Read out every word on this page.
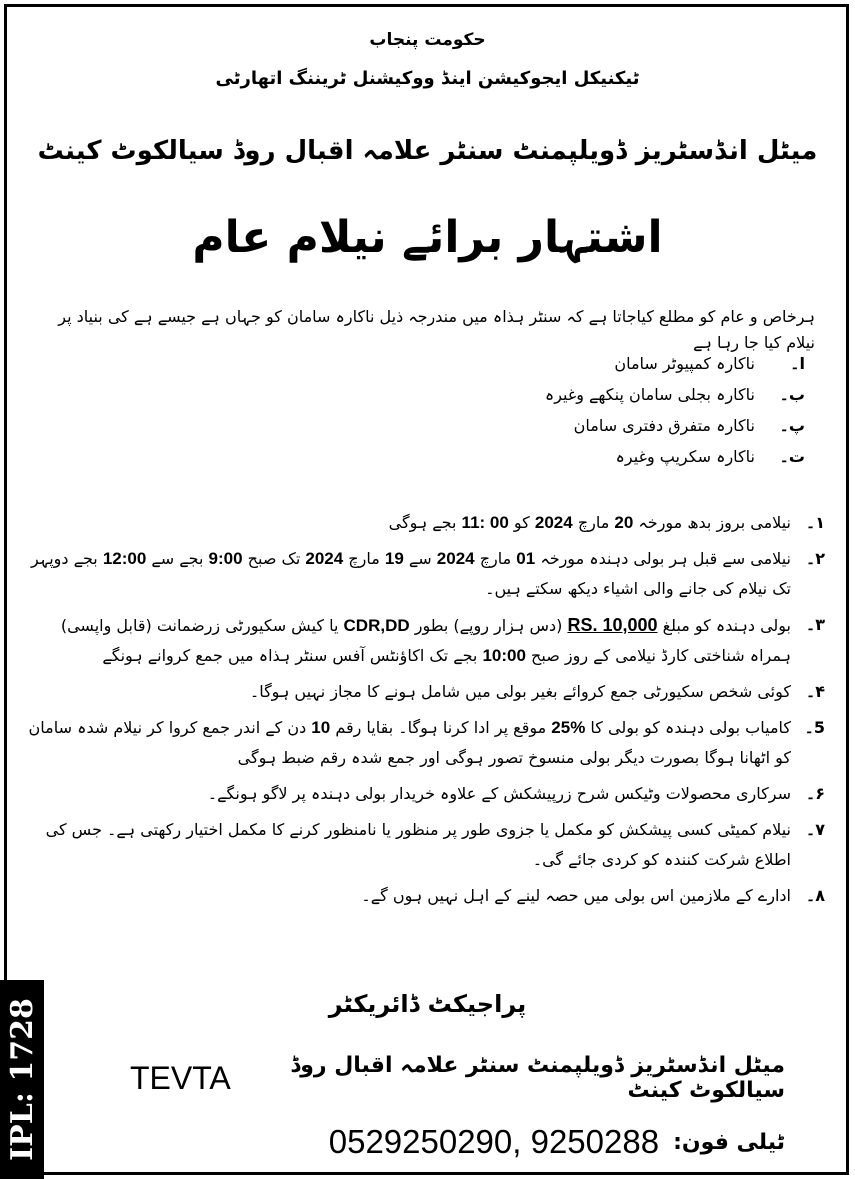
IPL: 1728
حکومت پنجاب
ٹیکنیکل ایجوکیشن اینڈ ووکیشنل ٹریننگ اتھارٹی
میٹل انڈسٹریز ڈویلپمنٹ سنٹر علامہ اقبال روڈ سیالکوٹ کینٹ
اشتہار برائے نیلام عام
ہرخاص و عام کو مطلع کیاجاتا ہے کہ سنٹر ہذاہ میں مندرجہ ذیل ناکارہ سامان کو جہاں ہے جیسے ہے کی بنیاد پر نیلام کیا جا رہا ہے
ا۔
ناکارہ کمپیوٹر سامان
ب۔
ناکارہ بجلی سامان پنکھے وغیرہ
پ۔
ناکارہ متفرق دفتری سامان
ت۔
ناکارہ سکریپ وغیرہ
۱۔
نیلامی بروز بدھ مورخہ 20 مارچ 2024 کو 11: 00 بجے ہوگی
۲۔
نیلامی سے قبل ہر بولی دہندہ مورخہ 01 مارچ 2024 سے 19 مارچ 2024 تک صبح 9:00 بجے سے 12:00 بجے دوپہر تک نیلام کی جانے والی اشیاء دیکھ سکتے ہیں۔
۳۔
بولی دہندہ کو مبلغ RS. 10,000 (دس ہزار روپے) بطور CDR,DD یا کیش سکیورٹی زرضمانت (قابل واپسی) ہمراہ شناختی کارڈ نیلامی کے روز صبح 10:00 بجے تک اکاؤنٹس آفس سنٹر ہذاہ میں جمع کروانے ہونگے
۴۔
کوئی شخص سکیورٹی جمع کروائے بغیر بولی میں شامل ہونے کا مجاز نہیں ہوگا۔
5۔
کامیاب بولی دہندہ کو بولی کا 25% موقع پر ادا کرنا ہوگا۔ بقایا رقم 10 دن کے اندر جمع کروا کر نیلام شدہ سامان کو اٹھانا ہوگا بصورت دیگر بولی منسوخ تصور ہوگی اور جمع شدہ رقم ضبط ہوگی
۶۔
سرکاری محصولات وٹیکس شرح زرپیشکش کے علاوہ خریدار بولی دہندہ پر لاگو ہونگے۔
۷۔
نیلام کمیٹی کسی پیشکش کو مکمل یا جزوی طور پر منظور یا نامنظور کرنے کا مکمل اختیار رکھتی ہے۔ جس کی اطلاع شرکت کنندہ کو کردی جائے گی۔
۸۔
ادارے کے ملازمین اس بولی میں حصہ لینے کے اہل نہیں ہوں گے۔
پراجیکٹ ڈائریکٹر
میٹل انڈسٹریز ڈویلپمنٹ سنٹر علامہ اقبال روڈ سیالکوٹ کینٹ
TEVTA
ٹیلی فون:
0529250290, 9250288
